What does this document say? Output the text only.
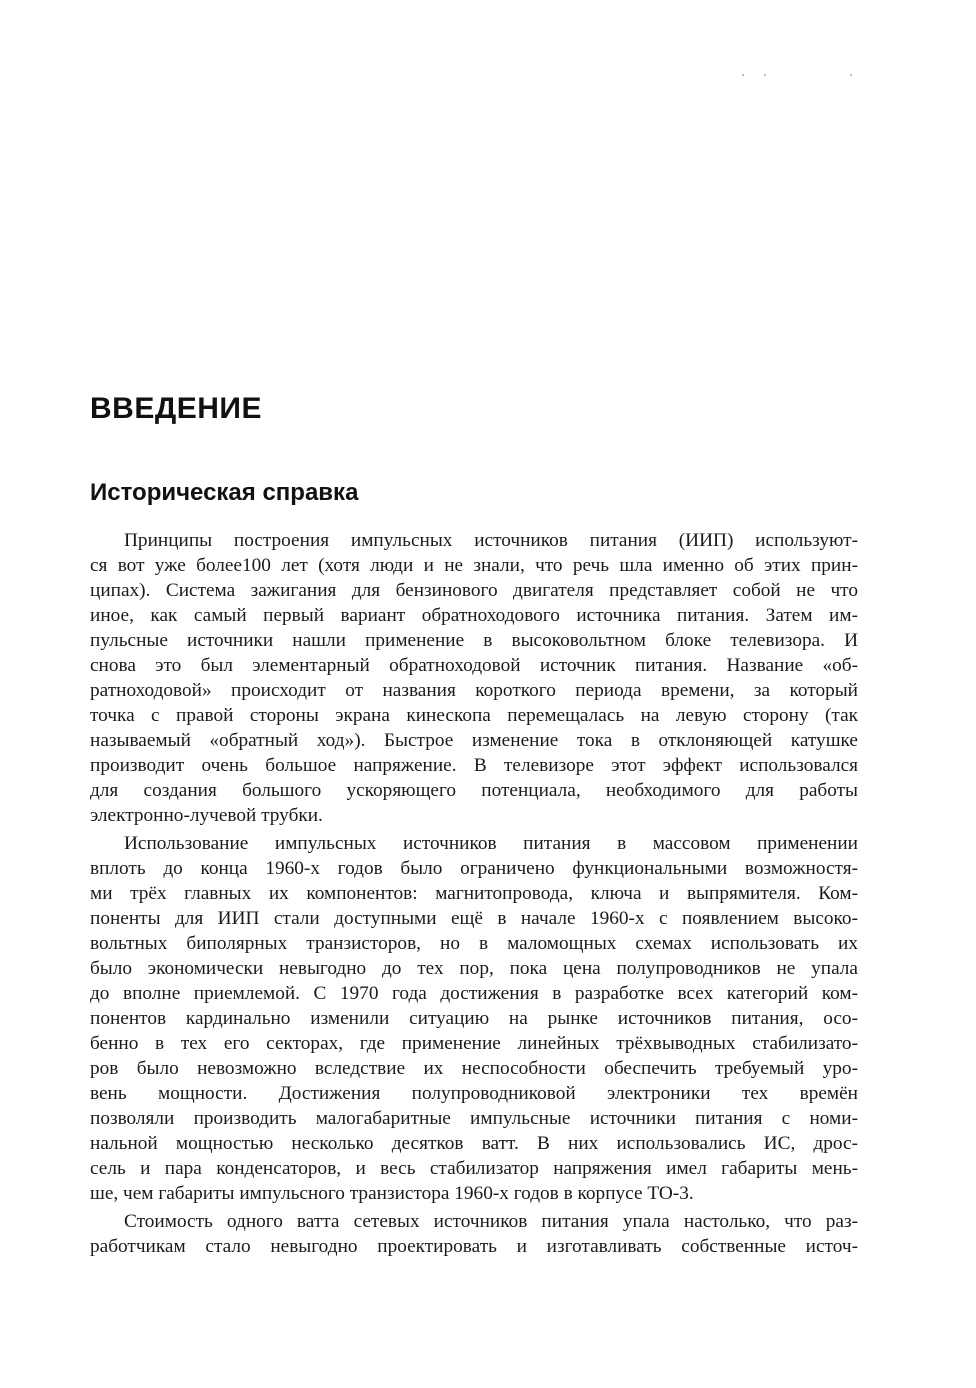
ВВЕДЕНИЕ
Историческая справка

Принципы построения импульсных источников питания (ИИП) используют-
ся вот уже более100 лет (хотя люди и не знали, что речь шла именно об этих прин-
ципах). Система зажигания для бензинового двигателя представляет собой не что
иное, как самый первый вариант обратноходового источника питания. Затем им-
пульсные источники нашли применение в высоковольтном блоке телевизора. И
снова это был элементарный обратноходовой источник питания. Название «об-
ратноходовой» происходит от названия короткого периода времени, за который
точка с правой стороны экрана кинескопа перемещалась на левую сторону (так
называемый «обратный ход»). Быстрое изменение тока в отклоняющей катушке
производит очень большое напряжение. В телевизоре этот эффект использовался
для создания большого ускоряющего потенциала, необходимого для работы
электронно-лучевой трубки.

Использование импульсных источников питания в массовом применении
вплоть до конца 1960-х годов было ограничено функциональными возможностя-
ми трёх главных их компонентов: магнитопровода, ключа и выпрямителя. Ком-
поненты для ИИП стали доступными ещё в начале 1960-х с появлением высоко-
вольтных биполярных транзисторов, но в маломощных схемах использовать их
было экономически невыгодно до тех пор, пока цена полупроводников не упала
до вполне приемлемой. С 1970 года достижения в разработке всех категорий ком-
понентов кардинально изменили ситуацию на рынке источников питания, осо-
бенно в тех его секторах, где применение линейных трёхвыводных стабилизато-
ров было невозможно вследствие их неспособности обеспечить требуемый уро-
вень мощности. Достижения полупроводниковой электроники тех времён
позволяли производить малогабаритные импульсные источники питания с номи-
нальной мощностью несколько десятков ватт. В них использовались ИС, дрос-
сель и пара конденсаторов, и весь стабилизатор напряжения имел габариты мень-
ше, чем габариты импульсного транзистора 1960-х годов в корпусе ТО-3.

Стоимость одного ватта сетевых источников питания упала настолько, что раз-
работчикам стало невыгодно проектировать и изготавливать собственные источ-
